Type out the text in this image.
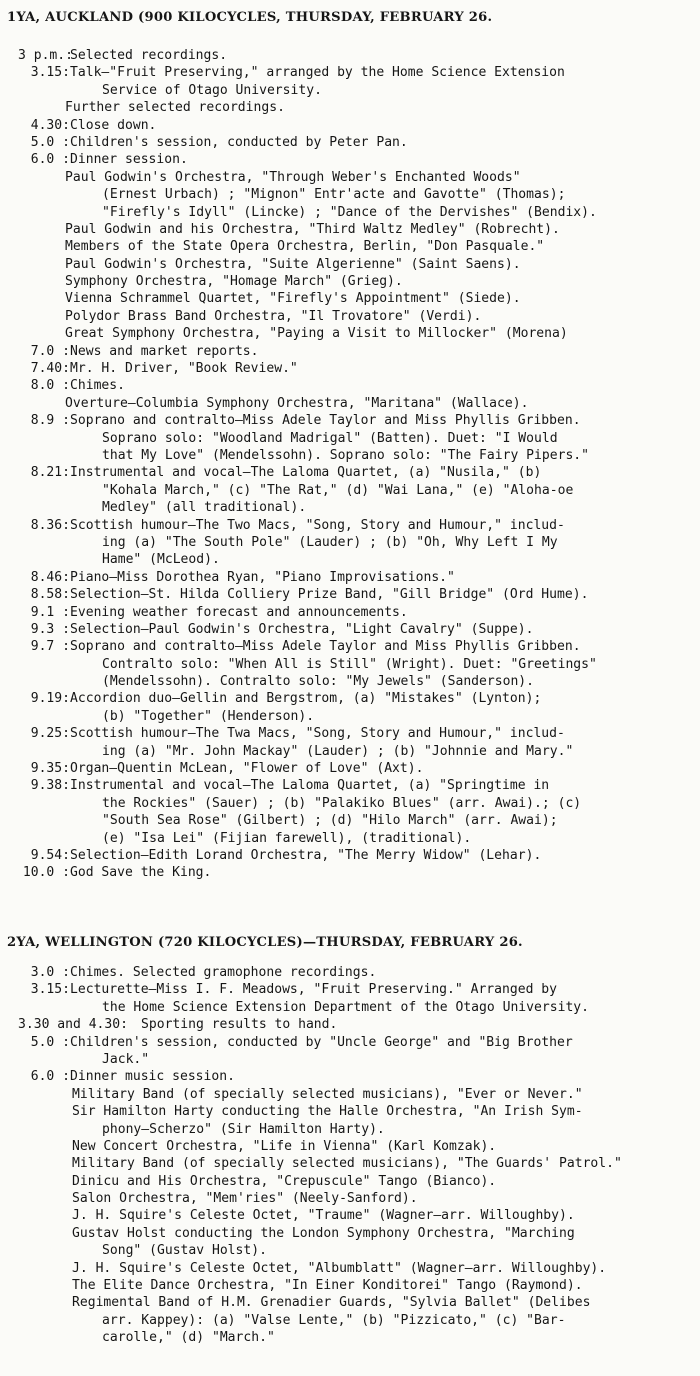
1YA, AUCKLAND (900 KILOCYCLES, THURSDAY, FEBRUARY 26.
3 p.m.:
Selected recordings.
3.15: Talk—"Fruit Preserving," arranged by the Home Science Extension
Service of Otago University.
Further selected recordings.
4.30: Close down.
5.0 : Children's session, conducted by Peter Pan.
6.0 : Dinner session.
Paul Godwin's Orchestra, "Through Weber's Enchanted Woods"
(Ernest Urbach) ; "Mignon" Entr'acte and Gavotte" (Thomas);
"Firefly's Idyll" (Lincke) ; "Dance of the Dervishes" (Bendix).
Paul Godwin and his Orchestra, "Third Waltz Medley" (Robrecht).
Members of the State Opera Orchestra, Berlin, "Don Pasquale."
Paul Godwin's Orchestra, "Suite Algerienne" (Saint Saens).
Symphony Orchestra, "Homage March" (Grieg).
Vienna Schrammel Quartet, "Firefly's Appointment" (Siede).
Polydor Brass Band Orchestra, "Il Trovatore" (Verdi).
Great Symphony Orchestra, "Paying a Visit to Millocker" (Morena)
7.0 : News and market reports.
7.40: Mr. H. Driver, "Book Review."
8.0 : Chimes.
Overture—Columbia Symphony Orchestra, "Maritana" (Wallace).
8.9 : Soprano and contralto—Miss Adele Taylor and Miss Phyllis Gribben.
Soprano solo: "Woodland Madrigal" (Batten). Duet: "I Would
that My Love" (Mendelssohn). Soprano solo: "The Fairy Pipers."
8.21: Instrumental and vocal—The Laloma Quartet, (a) "Nusila," (b)
"Kohala March," (c) "The Rat," (d) "Wai Lana," (e) "Aloha-oe
Medley" (all traditional).
8.36: Scottish humour—The Two Macs, "Song, Story and Humour," includ-
ing (a) "The South Pole" (Lauder) ; (b) "Oh, Why Left I My
Hame" (McLeod).
8.46: Piano—Miss Dorothea Ryan, "Piano Improvisations."
8.58: Selection—St. Hilda Colliery Prize Band, "Gill Bridge" (Ord Hume).
9.1 : Evening weather forecast and announcements.
9.3 : Selection—Paul Godwin's Orchestra, "Light Cavalry" (Suppe).
9.7 : Soprano and contralto—Miss Adele Taylor and Miss Phyllis Gribben.
Contralto solo: "When All is Still" (Wright). Duet: "Greetings"
(Mendelssohn). Contralto solo: "My Jewels" (Sanderson).
9.19: Accordion duo—Gellin and Bergstrom, (a) "Mistakes" (Lynton);
(b) "Together" (Henderson).
9.25: Scottish humour—The Twa Macs, "Song, Story and Humour," includ-
ing (a) "Mr. John Mackay" (Lauder) ; (b) "Johnnie and Mary."
9.35: Organ—Quentin McLean, "Flower of Love" (Axt).
9.38: Instrumental and vocal—The Laloma Quartet, (a) "Springtime in
the Rockies" (Sauer) ; (b) "Palakiko Blues" (arr. Awai).; (c)
"South Sea Rose" (Gilbert) ; (d) "Hilo March" (arr. Awai);
(e) "Isa Lei" (Fijian farewell), (traditional).
9.54: Selection—Edith Lorand Orchestra, "The Merry Widow" (Lehar).
10.0 : God Save the King.
2YA, WELLINGTON (720 KILOCYCLES)—THURSDAY, FEBRUARY 26.
3.0 : Chimes. Selected gramophone recordings.
3.15: Lecturette—Miss I. F. Meadows, "Fruit Preserving." Arranged by
the Home Science Extension Department of the Otago University.
3.30 and 4.30: Sporting results to hand.
5.0 : Children's session, conducted by "Uncle George" and "Big Brother
Jack."
6.0 : Dinner music session.
Military Band (of specially selected musicians), "Ever or Never."
Sir Hamilton Harty conducting the Halle Orchestra, "An Irish Sym-
phony—Scherzo" (Sir Hamilton Harty).
New Concert Orchestra, "Life in Vienna" (Karl Komzak).
Military Band (of specially selected musicians), "The Guards' Patrol."
Dinicu and His Orchestra, "Crepuscule" Tango (Bianco).
Salon Orchestra, "Mem'ries" (Neely-Sanford).
J. H. Squire's Celeste Octet, "Traume" (Wagner—arr. Willoughby).
Gustav Holst conducting the London Symphony Orchestra, "Marching
Song" (Gustav Holst).
J. H. Squire's Celeste Octet, "Albumblatt" (Wagner—arr. Willoughby).
The Elite Dance Orchestra, "In Einer Konditorei" Tango (Raymond).
Regimental Band of H.M. Grenadier Guards, "Sylvia Ballet" (Delibes
arr. Kappey): (a) "Valse Lente," (b) "Pizzicato," (c) "Bar-
carolle," (d) "March."
